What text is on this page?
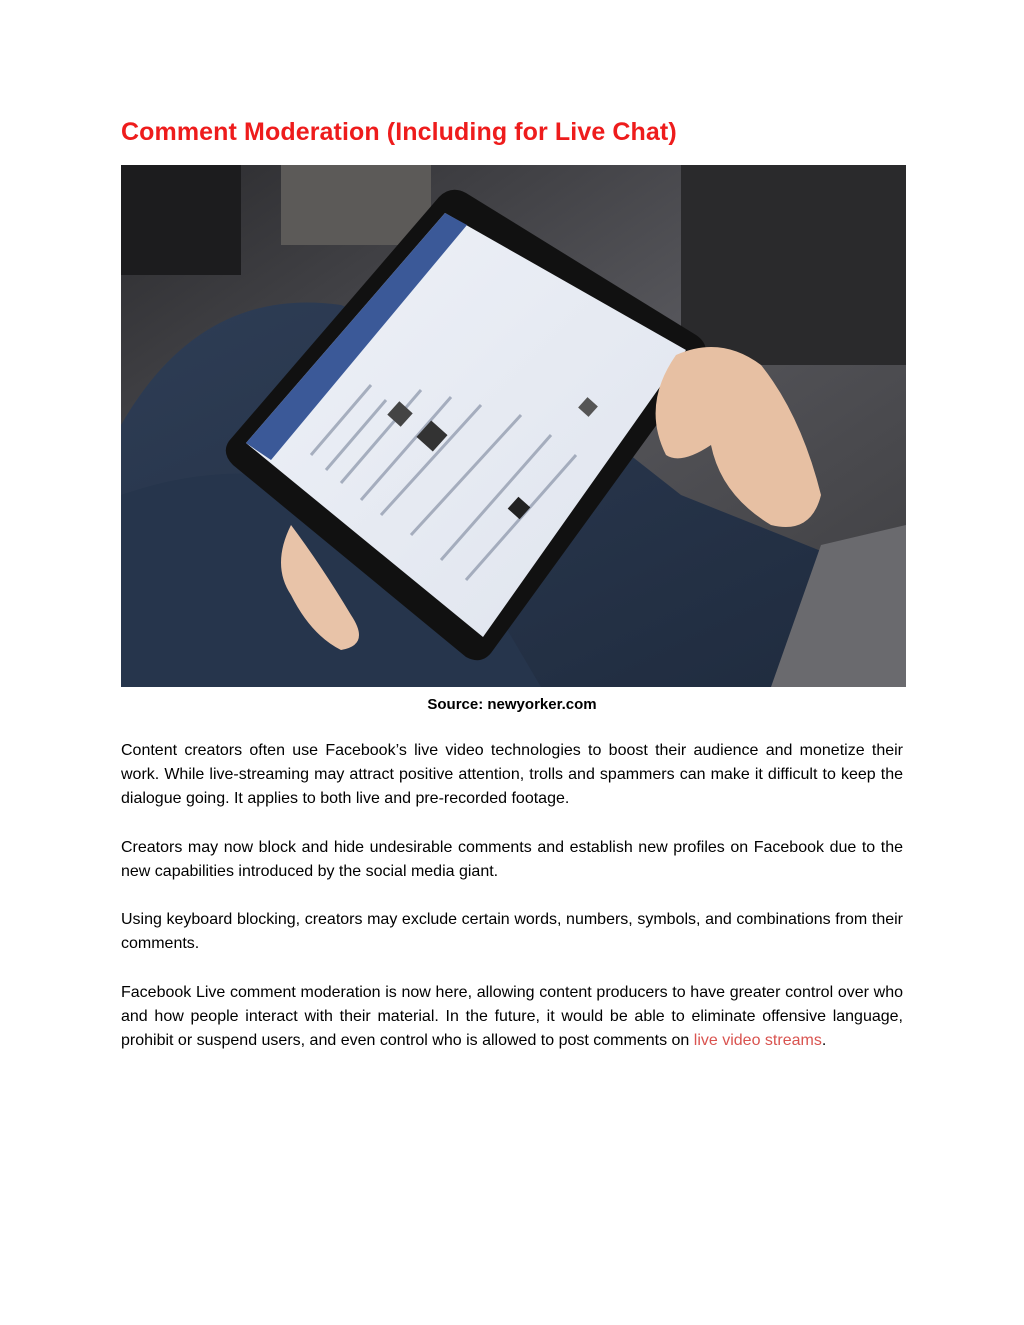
Comment Moderation (Including for Live Chat)
Source: newyorker.com

Content creators often use Facebook’s live video technologies to boost their audience and monetize their work. While live-streaming may attract positive attention, trolls and spammers can make it difficult to keep the dialogue going. It applies to both live and pre-recorded footage.

Creators may now block and hide undesirable comments and establish new profiles on Facebook due to the new capabilities introduced by the social media giant.

Using keyboard blocking, creators may exclude certain words, numbers, symbols, and combinations from their comments.

Facebook Live comment moderation is now here, allowing content producers to have greater control over who and how people interact with their material. In the future, it would be able to eliminate offensive language, prohibit or suspend users, and even control who is allowed to post comments on live video streams.
